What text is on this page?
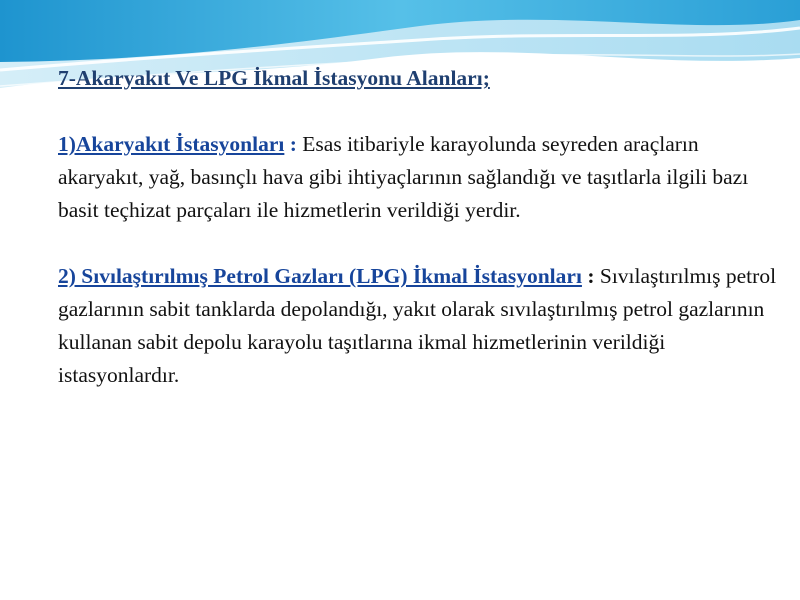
7-Akaryakıt Ve LPG İkmal İstasyonu Alanları;

1)Akaryakıt İstasyonları : Esas itibariyle karayolunda seyreden araçların akaryakıt, yağ, basınçlı hava gibi ihtiyaçlarının sağlandığı ve taşıtlarla ilgili bazı basit teçhizat parçaları ile hizmetlerin verildiği yerdir.

2) Sıvılaştırılmış Petrol Gazları (LPG) İkmal İstasyonları : Sıvılaştırılmış petrol gazlarının sabit tanklarda depolandığı, yakıt olarak sıvılaştırılmış petrol gazlarının kullanan sabit depolu karayolu taşıtlarına ikmal hizmetlerinin verildiği istasyonlardır.
